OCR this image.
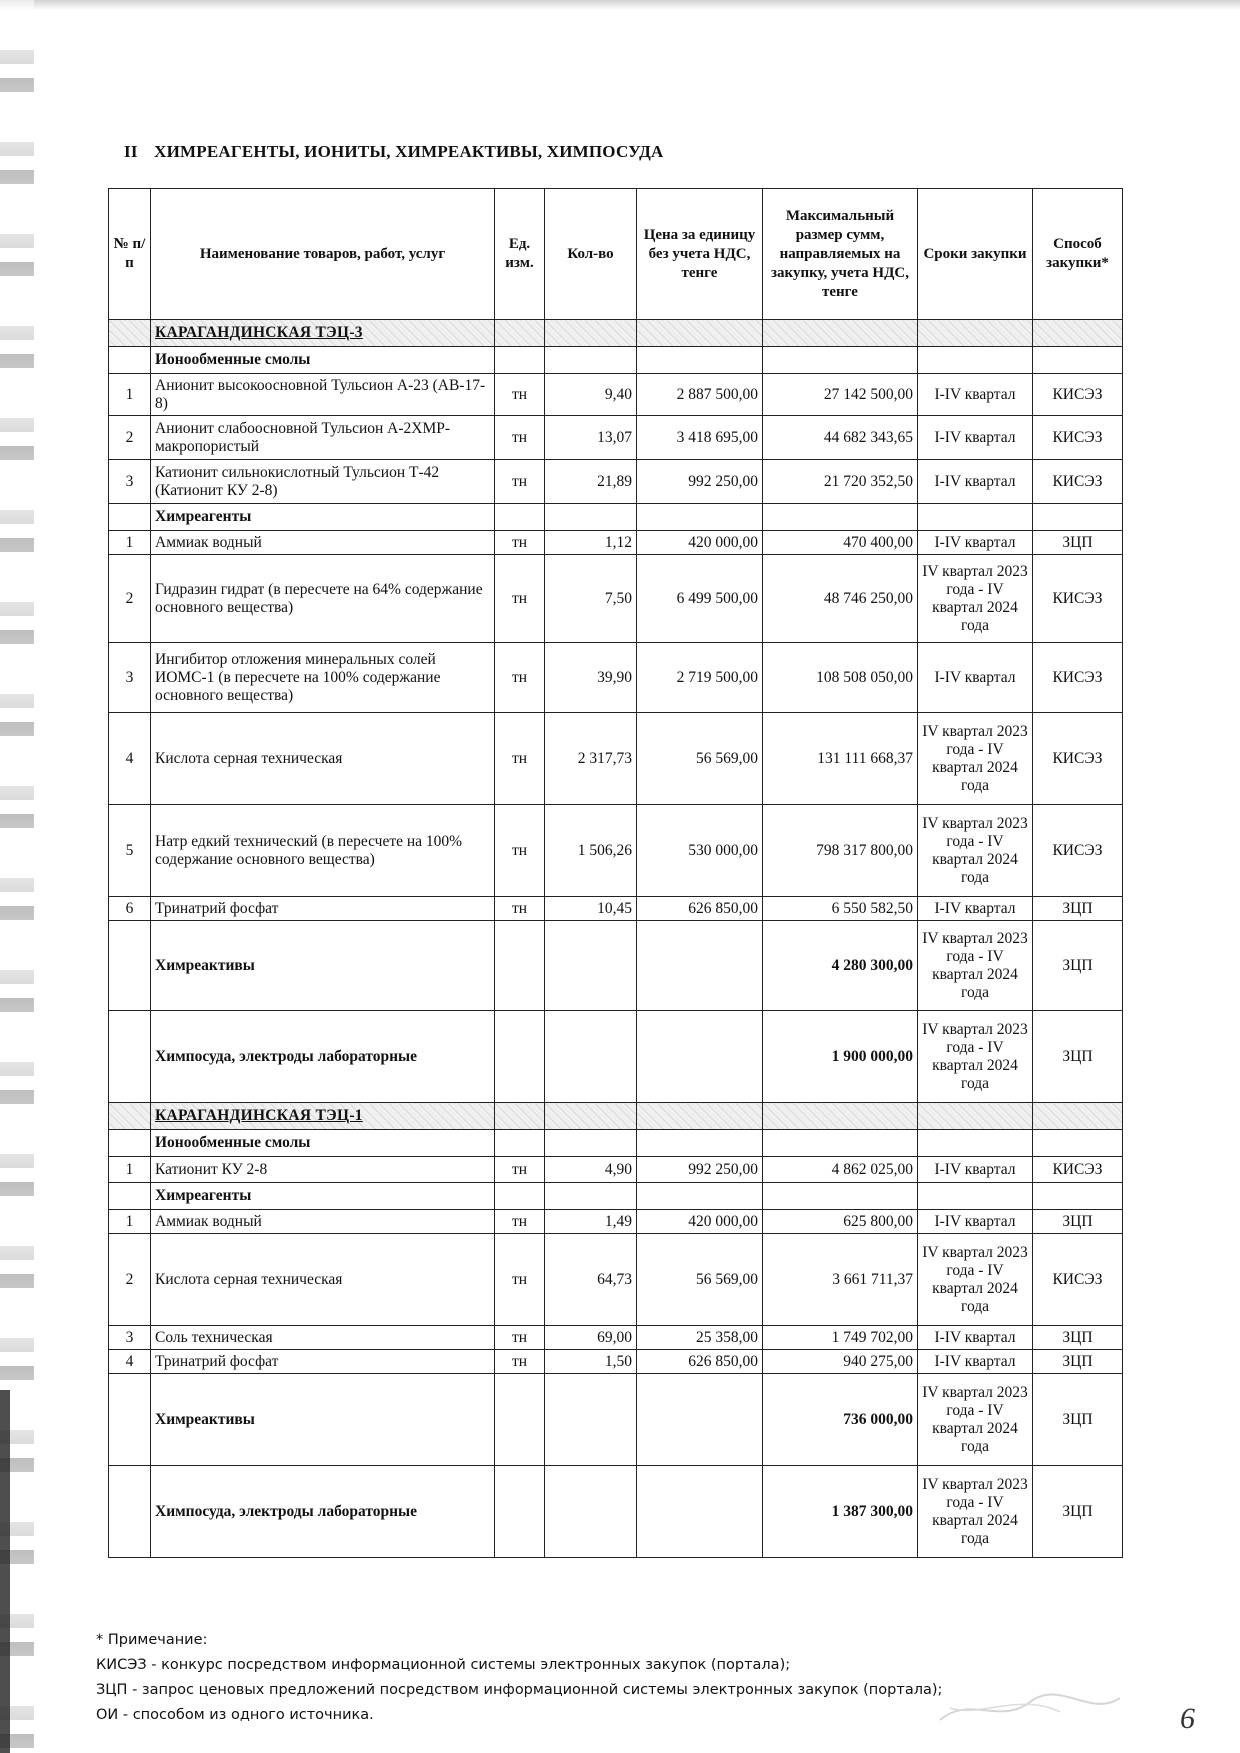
II ХИМРЕАГЕНТЫ, ИОНИТЫ, ХИМРЕАКТИВЫ, ХИМПОСУДА
№ п/п	Наименование товаров, работ, услуг	Ед. изм.	Кол-во	Цена за единицу без учета НДС, тенге	Максимальный размер сумм, направляемых на закупку, учета НДС, тенге	Сроки закупки	Способ закупки*
	КАРАГАНДИНСКАЯ ТЭЦ-3						
	Ионообменные смолы						
1	Анионит высокоосновной Тульсион А-23 (АВ-17-8)	тн	9,40	2 887 500,00	27 142 500,00	I-IV квартал	КИСЭЗ
2	Анионит слабоосновной Тульсион А-2XMP-макропористый	тн	13,07	3 418 695,00	44 682 343,65	I-IV квартал	КИСЭЗ
3	Катионит сильнокислотный Тульсион Т-42 (Катионит КУ 2-8)	тн	21,89	992 250,00	21 720 352,50	I-IV квартал	КИСЭЗ
	Химреагенты						
1	Аммиак водный	тн	1,12	420 000,00	470 400,00	I-IV квартал	ЗЦП
2	Гидразин гидрат (в пересчете на 64% содержание основного вещества)	тн	7,50	6 499 500,00	48 746 250,00	IV квартал 2023 года - IV квартал 2024 года	КИСЭЗ
3	Ингибитор отложения минеральных солей ИОМС-1 (в пересчете на 100% содержание основного вещества)	тн	39,90	2 719 500,00	108 508 050,00	I-IV квартал	КИСЭЗ
4	Кислота серная техническая	тн	2 317,73	56 569,00	131 111 668,37	IV квартал 2023 года - IV квартал 2024 года	КИСЭЗ
5	Натр едкий технический (в пересчете на 100% содержание основного вещества)	тн	1 506,26	530 000,00	798 317 800,00	IV квартал 2023 года - IV квартал 2024 года	КИСЭЗ
6	Тринатрий фосфат	тн	10,45	626 850,00	6 550 582,50	I-IV квартал	ЗЦП
	Химреактивы				4 280 300,00	IV квартал 2023 года - IV квартал 2024 года	ЗЦП
	Химпосуда, электроды лабораторные				1 900 000,00	IV квартал 2023 года - IV квартал 2024 года	ЗЦП
	КАРАГАНДИНСКАЯ ТЭЦ-1						
	Ионообменные смолы						
1	Катионит КУ 2-8	тн	4,90	992 250,00	4 862 025,00	I-IV квартал	КИСЭЗ
	Химреагенты						
1	Аммиак водный	тн	1,49	420 000,00	625 800,00	I-IV квартал	ЗЦП
2	Кислота серная техническая	тн	64,73	56 569,00	3 661 711,37	IV квартал 2023 года - IV квартал 2024 года	КИСЭЗ
3	Соль техническая	тн	69,00	25 358,00	1 749 702,00	I-IV квартал	ЗЦП
4	Тринатрий фосфат	тн	1,50	626 850,00	940 275,00	I-IV квартал	ЗЦП
	Химреактивы				736 000,00	IV квартал 2023 года - IV квартал 2024 года	ЗЦП
	Химпосуда, электроды лабораторные				1 387 300,00	IV квартал 2023 года - IV квартал 2024 года	ЗЦП
* Примечание:
КИСЭЗ - конкурс посредством информационной системы электронных закупок (портала);
ЗЦП - запрос ценовых предложений посредством информационной системы электронных закупок (портала);
ОИ - способом из одного источника.	6
